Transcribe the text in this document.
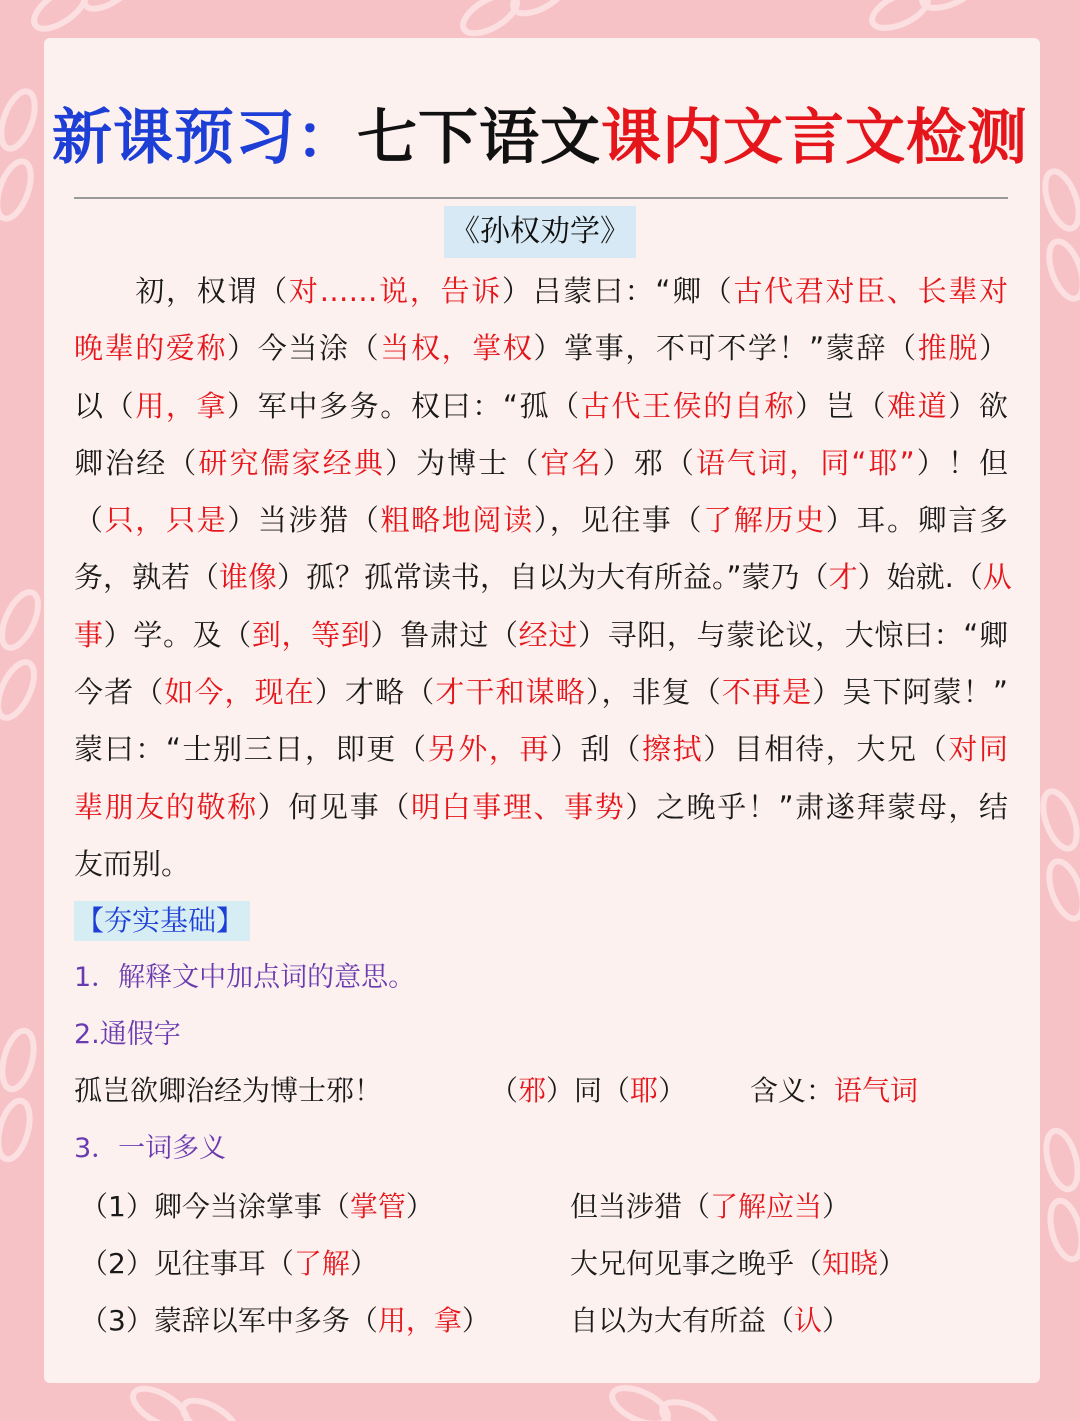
新课预习：七下语文课内文言文检测
《孙权劝学》
　　初，权谓（对……说，告诉）吕蒙曰：“卿（古代君对臣、长辈对
晚辈的爱称）今当涂（当权，掌权）掌事，不可不学！”蒙辞（推脱）
以（用，拿）军中多务。权曰：“孤（古代王侯的自称）岂（难道）欲
卿治经（研究儒家经典）为博士（官名）邪（语气词，同“耶”）！但
（只，只是）当涉猎（粗略地阅读），见往事（了解历史）耳。卿言多
务，孰若（谁像）孤？孤常读书，自以为大有所益。”蒙乃（才）始就.（从
事）学。及（到，等到）鲁肃过（经过）寻阳，与蒙论议，大惊曰：“卿
今者（如今，现在）才略（才干和谋略），非复（不再是）吴下阿蒙！”
蒙曰：“士别三日，即更（另外，再）刮（擦拭）目相待，大兄（对同
辈朋友的敬称）何见事（明白事理、事势）之晚乎！”肃遂拜蒙母，结
友而别。
【夯实基础】
1．解释文中加点词的意思。
2.通假字
孤岂欲卿治经为博士邪！	（邪）同（耶） 含义：语气词
3．一词多义
（1）卿今当涂掌事（掌管）	但当涉猎（了解应当）
（2）见往事耳（了解）	大兄何见事之晚乎（知晓）
（3）蒙辞以军中多务（用，拿）	自以为大有所益（认）
